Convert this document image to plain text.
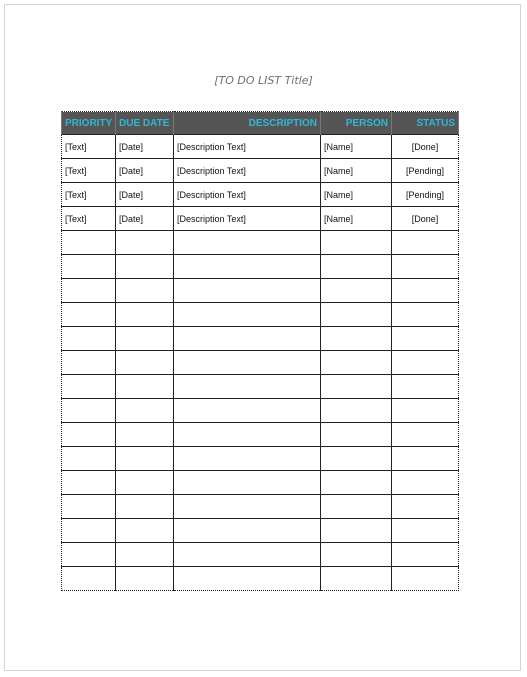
[TO DO LIST Title]
PRIORITY	DUE DATE	DESCRIPTION	PERSON	STATUS
[Text]	[Date]	[Description Text]	[Name]	[Done]
[Text]	[Date]	[Description Text]	[Name]	[Pending]
[Text]	[Date]	[Description Text]	[Name]	[Pending]
[Text]	[Date]	[Description Text]	[Name]	[Done]
